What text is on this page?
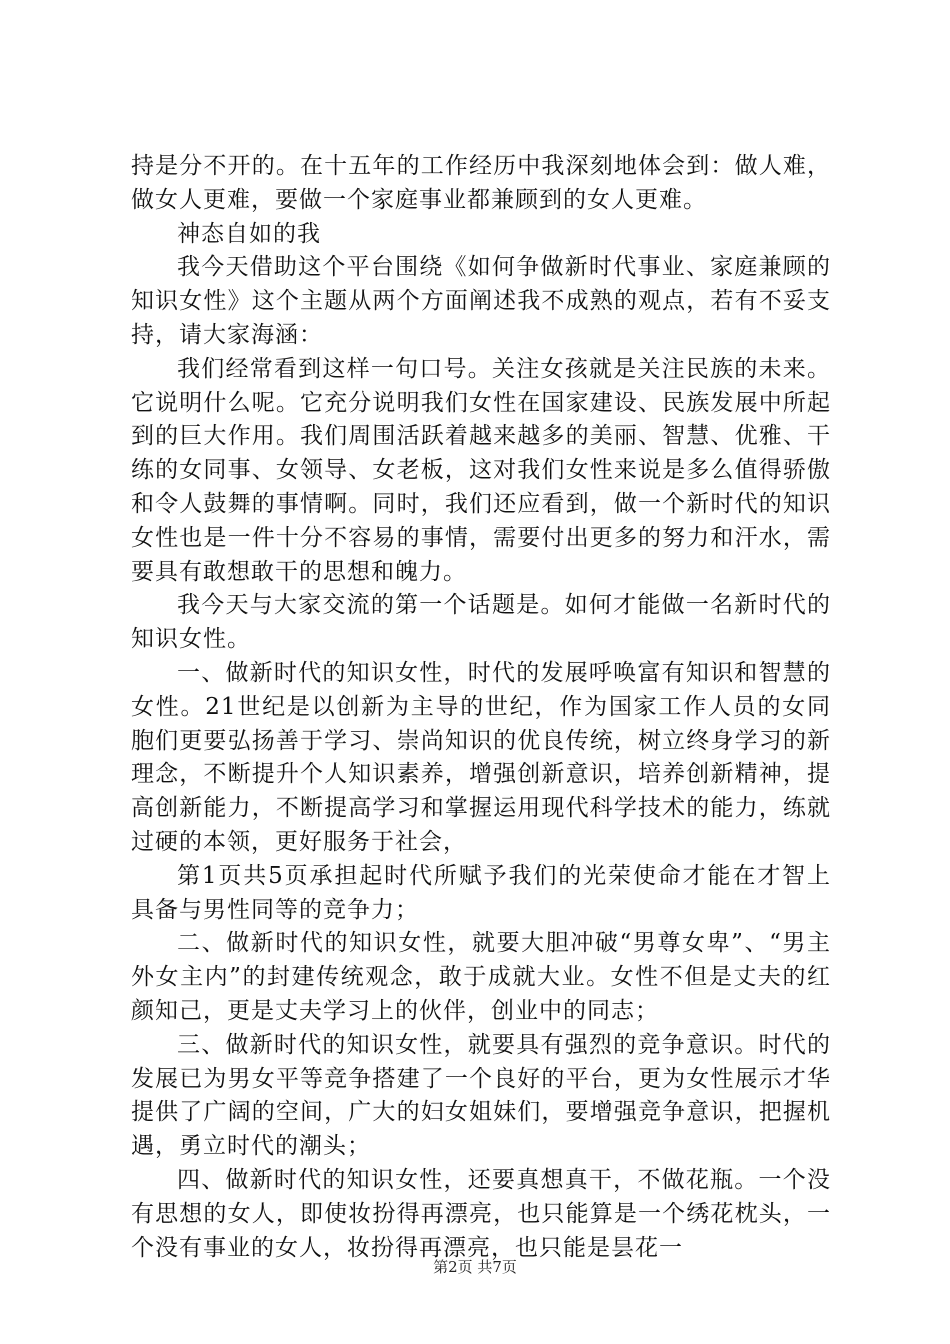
持是分不开的。在十五年的工作经历中我深刻地体会到：做人难，做女人更难，要做一个家庭事业都兼顾到的女人更难。

神态自如的我

我今天借助这个平台围绕《如何争做新时代事业、家庭兼顾的知识女性》这个主题从两个方面阐述我不成熟的观点，若有不妥支持，请大家海涵：

我们经常看到这样一句口号。关注女孩就是关注民族的未来。它说明什么呢。它充分说明我们女性在国家建设、民族发展中所起到的巨大作用。我们周围活跃着越来越多的美丽、智慧、优雅、干练的女同事、女领导、女老板，这对我们女性来说是多么值得骄傲和令人鼓舞的事情啊。同时，我们还应看到，做一个新时代的知识女性也是一件十分不容易的事情，需要付出更多的努力和汗水，需要具有敢想敢干的思想和魄力。

我今天与大家交流的第一个话题是。如何才能做一名新时代的知识女性。

一、做新时代的知识女性，时代的发展呼唤富有知识和智慧的女性。21世纪是以创新为主导的世纪，作为国家工作人员的女同胞们更要弘扬善于学习、崇尚知识的优良传统，树立终身学习的新理念，不断提升个人知识素养，增强创新意识，培养创新精神，提高创新能力，不断提高学习和掌握运用现代科学技术的能力，练就过硬的本领，更好服务于社会，

第1页共5页承担起时代所赋予我们的光荣使命才能在才智上具备与男性同等的竞争力；

二、做新时代的知识女性，就要大胆冲破“男尊女卑”、“男主外女主内”的封建传统观念，敢于成就大业。女性不但是丈夫的红颜知己，更是丈夫学习上的伙伴，创业中的同志；

三、做新时代的知识女性，就要具有强烈的竞争意识。时代的发展已为男女平等竞争搭建了一个良好的平台，更为女性展示才华提供了广阔的空间，广大的妇女姐妹们，要增强竞争意识，把握机遇，勇立时代的潮头；

四、做新时代的知识女性，还要真想真干，不做花瓶。一个没有思想的女人，即使妆扮得再漂亮，也只能算是一个绣花枕头，一个没有事业的女人，妆扮得再漂亮，也只能是昙花一

第2页 共7页
